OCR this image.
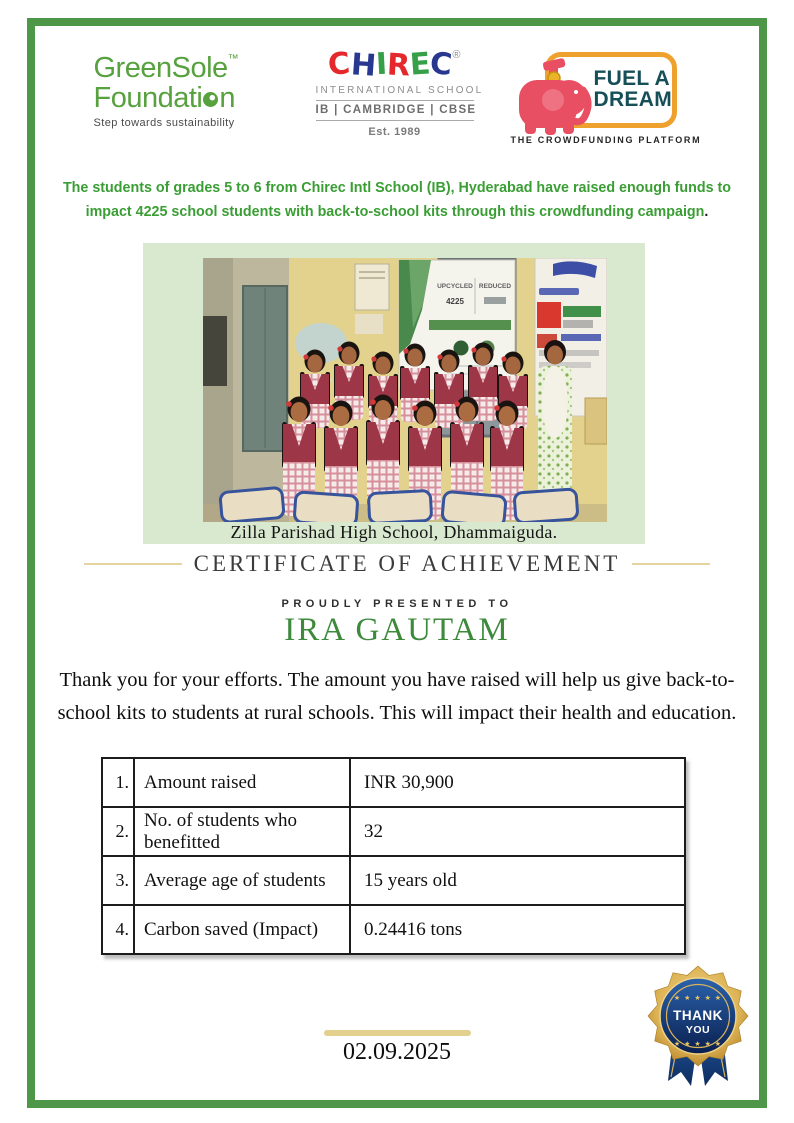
GreenSole™
Foundati n
Step towards sustainability
CHIREC®
INTERNATIONAL SCHOOL
IB | CAMBRIDGE | CBSE
Est. 1989
FUEL A
DREAM
THE CROWDFUNDING PLATFORM
The students of grades 5 to 6 from Chirec Intl School (IB), Hyderabad have raised enough funds to impact 4225 school students with back-to-school kits through this crowdfunding campaign.
UPCYCLED REDUCED
4225
Zilla Parishad High School, Dhammaiguda.
CERTIFICATE OF ACHIEVEMENT
PROUDLY PRESENTED TO
IRA GAUTAM
Thank you for your efforts. The amount you have raised will help us give back-to-school kits to students at rural schools. This will impact their health and education.
1.	Amount raised	INR 30,900
2.	No. of students who benefitted	32
3.	Average age of students	15 years old
4.	Carbon saved (Impact)	0.24416 tons
★ ★ ★ ★ ★
THANK
YOU
★ ★ ★ ★ ★
02.09.2025
